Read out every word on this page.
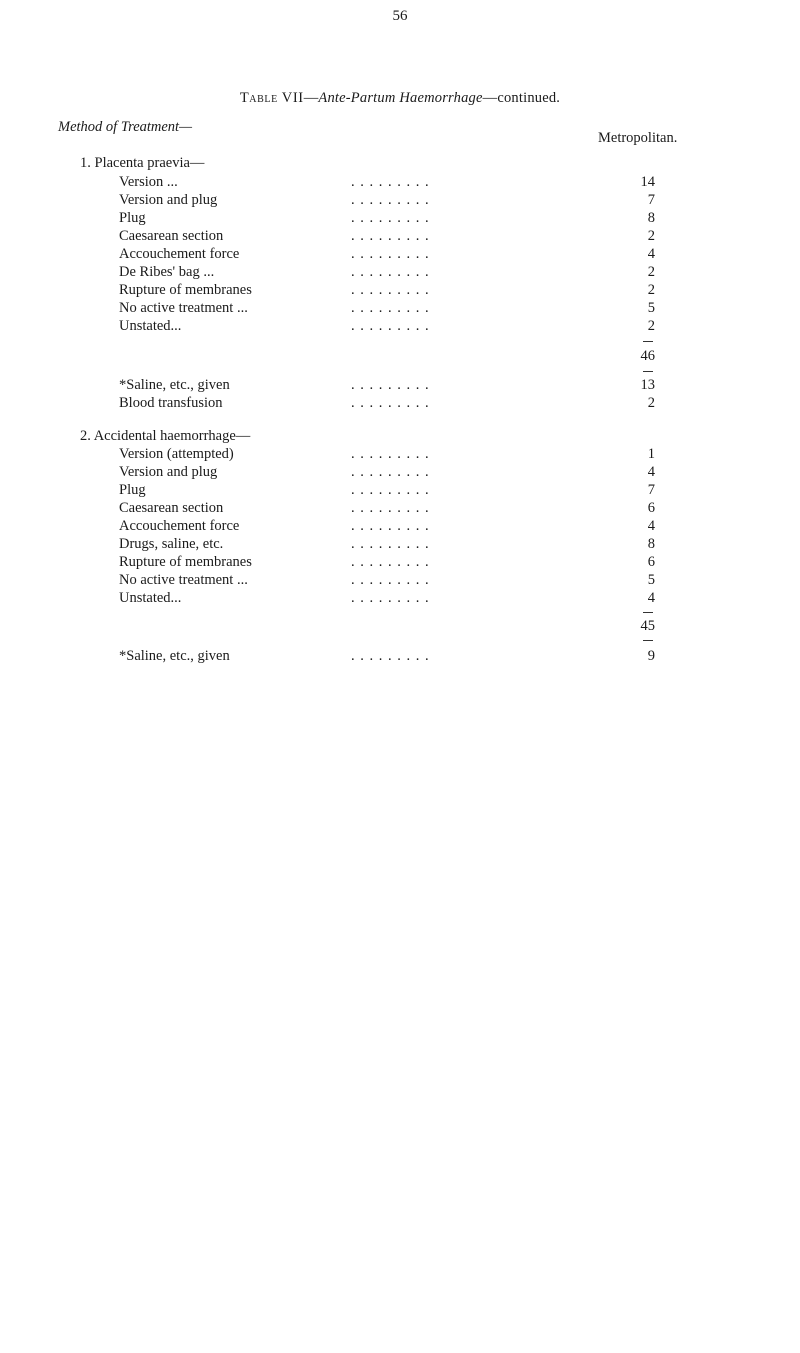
56
Table VII—Ante-Partum Haemorrhage—continued.
Method of Treatment—
Metropolitan.
1. Placenta praevia—
Version ...	. . . . . . . . .	14
Version and plug	. . . . . . . . .	7
Plug	. . . . . . . . .	8
Caesarean section	. . . . . . . . .	2
Accouchement force	. . . . . . . . .	4
De Ribes' bag ...	. . . . . . . . .	2
Rupture of membranes	. . . . . . . . .	2
No active treatment ...	. . . . . . . . .	5
Unstated...	. . . . . . . . .	2
46
*Saline, etc., given	. . . . . . . . .	13
Blood transfusion	. . . . . . . . .	2
2. Accidental haemorrhage—
Version (attempted)	. . . . . . . . .	1
Version and plug	. . . . . . . . .	4
Plug	. . . . . . . . .	7
Caesarean section	. . . . . . . . .	6
Accouchement force	. . . . . . . . .	4
Drugs, saline, etc.	. . . . . . . . .	8
Rupture of membranes	. . . . . . . . .	6
No active treatment ...	. . . . . . . . .	5
Unstated...	. . . . . . . . .	4
45
*Saline, etc., given	. . . . . . . . .	9
